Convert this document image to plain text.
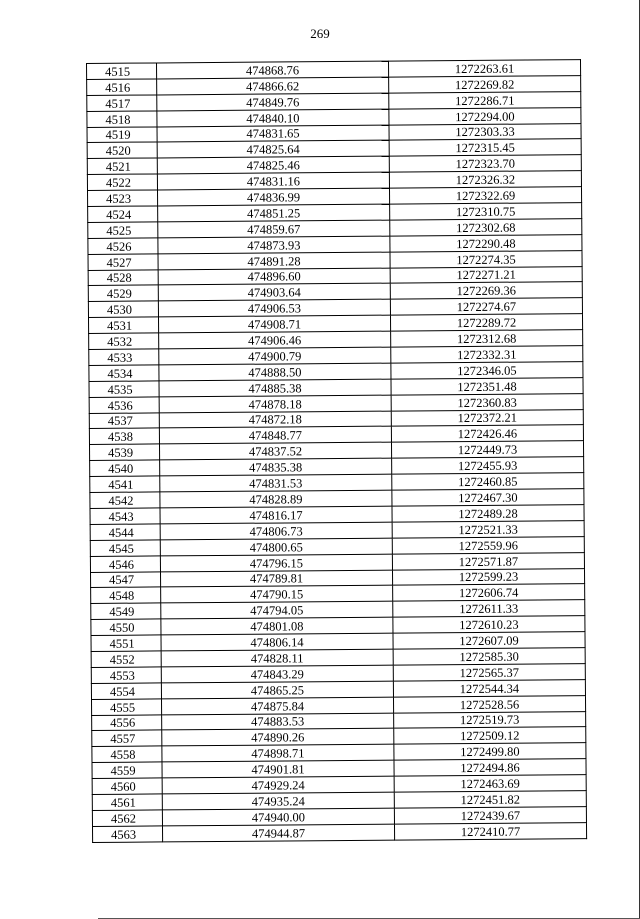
269
4515	474868.76	1272263.61
4516	474866.62	1272269.82
4517	474849.76	1272286.71
4518	474840.10	1272294.00
4519	474831.65	1272303.33
4520	474825.64	1272315.45
4521	474825.46	1272323.70
4522	474831.16	1272326.32
4523	474836.99	1272322.69
4524	474851.25	1272310.75
4525	474859.67	1272302.68
4526	474873.93	1272290.48
4527	474891.28	1272274.35
4528	474896.60	1272271.21
4529	474903.64	1272269.36
4530	474906.53	1272274.67
4531	474908.71	1272289.72
4532	474906.46	1272312.68
4533	474900.79	1272332.31
4534	474888.50	1272346.05
4535	474885.38	1272351.48
4536	474878.18	1272360.83
4537	474872.18	1272372.21
4538	474848.77	1272426.46
4539	474837.52	1272449.73
4540	474835.38	1272455.93
4541	474831.53	1272460.85
4542	474828.89	1272467.30
4543	474816.17	1272489.28
4544	474806.73	1272521.33
4545	474800.65	1272559.96
4546	474796.15	1272571.87
4547	474789.81	1272599.23
4548	474790.15	1272606.74
4549	474794.05	1272611.33
4550	474801.08	1272610.23
4551	474806.14	1272607.09
4552	474828.11	1272585.30
4553	474843.29	1272565.37
4554	474865.25	1272544.34
4555	474875.84	1272528.56
4556	474883.53	1272519.73
4557	474890.26	1272509.12
4558	474898.71	1272499.80
4559	474901.81	1272494.86
4560	474929.24	1272463.69
4561	474935.24	1272451.82
4562	474940.00	1272439.67
4563	474944.87	1272410.77
